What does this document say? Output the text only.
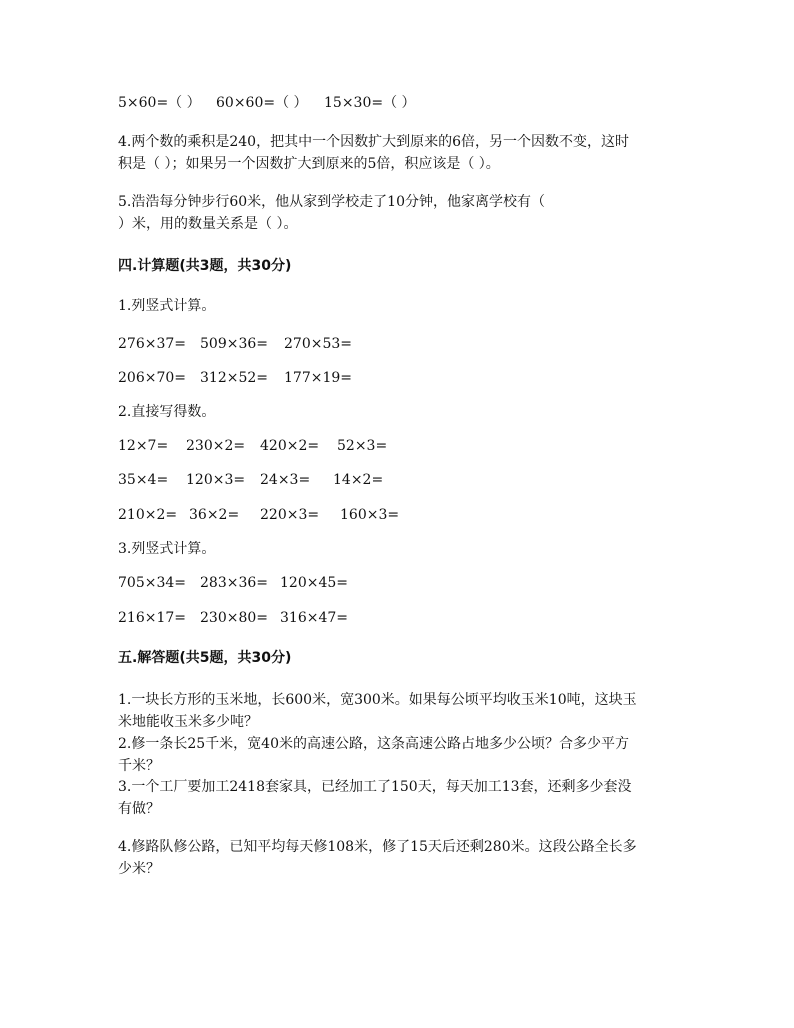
5×60=（ ） 60×60=（ ） 15×30=（ ）
4.两个数的乘积是240，把其中一个因数扩大到原来的6倍，另一个因数不变，这时
积是（ ）；如果另一个因数扩大到原来的5倍，积应该是（ ）。
5.浩浩每分钟步行60米，他从家到学校走了10分钟，他家离学校有（
）米，用的数量关系是（ ）。
四.计算题(共3题，共30分)
1.列竖式计算。
276×37= 509×36= 270×53=
206×70= 312×52= 177×19=
2.直接写得数。
12×7= 230×2= 420×2= 52×3=
35×4= 120×3= 24×3= 14×2=
210×2= 36×2= 220×3= 160×3=
3.列竖式计算。
705×34= 283×36= 120×45=
216×17= 230×80= 316×47=
五.解答题(共5题，共30分)
1.一块长方形的玉米地，长600米，宽300米。如果每公顷平均收玉米10吨，这块玉
米地能收玉米多少吨？
2.修一条长25千米，宽40米的高速公路，这条高速公路占地多少公顷？合多少平方
千米？
3.一个工厂要加工2418套家具，已经加工了150天，每天加工13套，还剩多少套没
有做？
4.修路队修公路，已知平均每天修108米，修了15天后还剩280米。这段公路全长多
少米？
